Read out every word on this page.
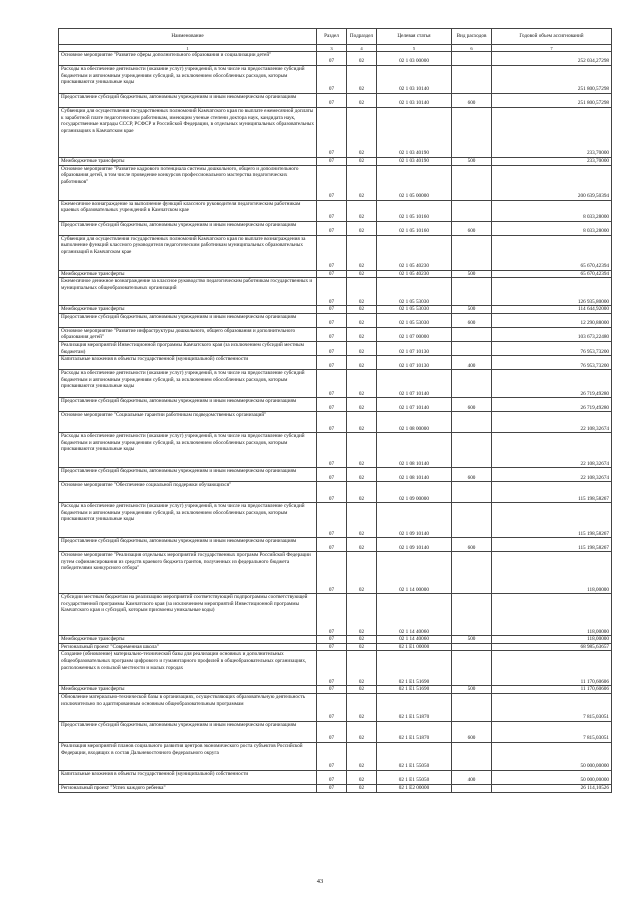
Наименование	Раздел	Подраздел	Целевая статья	Вид расходов	Годовой объем ассигнований
1	3	4	5	6	7
Основное мероприятие "Развитие сферы дополнительного образования и социализации детей"	07	02	02 1 03 00000		252 034,27298
Расходы на обеспечение деятельности (оказание услуг) учреждений, в том числе на предоставление субсидий бюджетным и автономным учреждениям субсидий, за исключением обособленных расходов, которым присваиваются уникальные коды	07	02	02 1 03 10140		251 800,57298
Предоставление субсидий бюджетным, автономным учреждениям и иным некоммерческим организациям	07	02	02 1 03 10140	600	251 800,57298
Субвенции для осуществления государственных полномочий Камчатского края по выплате ежемесячной доплаты к заработной плате педагогическим работникам, имеющим ученые степени доктора наук, кандидата наук, государственные награды СССР, РСФСР и Российской Федерации, в отдельных муниципальных образовательных организациях в Камчатском крае	07	02	02 1 03 40190		233,70000
Межбюджетные трансферты	07	02	02 1 03 40190	500	233,70000
Основное мероприятие "Развитие кадрового потенциала системы дошкольного, общего и дополнительного образования детей, в том числе проведение конкурсов профессионального мастерства педагогических работников"	07	02	02 1 05 00000		200 639,50394
Ежемесячное вознаграждение за выполнение функций классного руководителя педагогическим работникам краевых образовательных учреждений в Камчатском крае	07	02	02 1 05 10160		8 033,28000
Предоставление субсидий бюджетным, автономным учреждениям и иным некоммерческим организациям	07	02	02 1 05 10160	600	8 033,28000
Субвенции для осуществления государственных полномочий Камчатского края по выплате вознаграждения за выполнение функций классного руководителя педагогическим работникам муниципальных образовательных организаций в Камчатском крае	07	02	02 1 05 40230		65 670,42394
Межбюджетные трансферты	07	02	02 1 05 40230	500	65 670,42394
Ежемесячное денежное вознаграждение за классное руководство педагогическим работникам государственных и муниципальных общеобразовательных организаций	07	02	02 1 05 53030		126 935,80000
Межбюджетные трансферты	07	02	02 1 05 53030	500	114 644,92000
Предоставление субсидий бюджетным, автономным учреждениям и иным некоммерческим организациям	07	02	02 1 05 53030	600	12 290,88000
Основное мероприятие "Развитие инфраструктуры дошкольного, общего образования и дополнительного образования детей"	07	02	02 1 07 00000		103 673,22480
Реализация мероприятий Инвестиционной программы Камчатского края (за исключением субсидий местным бюджетам)	07	02	02 1 07 10130		76 953,73200
Капитальные вложения в объекты государственной (муниципальной) собственности	07	02	02 1 07 10130	400	76 953,73200
Расходы на обеспечение деятельности (оказание услуг) учреждений, в том числе на предоставление субсидий бюджетным и автономным учреждениям субсидий, за исключением обособленных расходов, которым присваиваются уникальные коды	07	02	02 1 07 10140		26 719,49280
Предоставление субсидий бюджетным, автономным учреждениям и иным некоммерческим организациям	07	02	02 1 07 10140	600	26 719,49280
Основное мероприятие "Социальные гарантии работникам подведомственных организаций"	07	02	02 1 08 00000		22 108,32674
Расходы на обеспечение деятельности (оказание услуг) учреждений, в том числе на предоставление субсидий бюджетным и автономным учреждениям субсидий, за исключением обособленных расходов, которым присваиваются уникальные коды	07	02	02 1 08 10140		22 108,32674
Предоставление субсидий бюджетным, автономным учреждениям и иным некоммерческим организациям	07	02	02 1 08 10140	600	22 108,32674
Основное мероприятие "Обеспечение социальной поддержки обучающихся"	07	02	02 1 09 00000		115 198,58267
Расходы на обеспечение деятельности (оказание услуг) учреждений, в том числе на предоставление субсидий бюджетным и автономным учреждениям субсидий, за исключением обособленных расходов, которым присваиваются уникальные коды	07	02	02 1 09 10140		115 198,58267
Предоставление субсидий бюджетным, автономным учреждениям и иным некоммерческим организациям	07	02	02 1 09 10140	600	115 198,58267
Основное мероприятие "Реализация отдельных мероприятий государственных программ Российской Федерации путем софинансирования из средств краевого бюджета грантов, полученных из федерального бюджета победителями конкурсного отбора"	07	02	02 1 14 00000		118,00000
Субсидии местным бюджетам на реализацию мероприятий соответствующей подпрограммы соответствующей государственной программы Камчатского края (за исключением мероприятий Инвестиционной программы Камчатского края и субсидий, которым присвоены уникальные коды)	07	02	02 1 14 40060		118,00000
Межбюджетные трансферты	07	02	02 1 14 40060	500	118,00000
Региональный проект "Современная школа"	07	02	02 1 E1 00000		68 985,63657
Создание (обновление) материально-технической базы для реализации основных и дополнительных общеобразовательных программ цифрового и гуманитарного профилей в общеобразовательных организациях, расположенных в сельской местности и малых городах	07	02	02 1 E1 51690		11 170,60606
Межбюджетные трансферты	07	02	02 1 E1 51690	500	11 170,60606
Обновление материально-технической базы в организациях, осуществляющих образовательную деятельность исключительно по адаптированным основным общеобразовательным программам	07	02	02 1 E1 51870		7 815,03051
Предоставление субсидий бюджетным, автономным учреждениям и иным некоммерческим организациям	07	02	02 1 E1 51870	600	7 815,03051
Реализация мероприятий планов социального развития центров экономического роста субъектов Российской Федерации, входящих в состав Дальневосточного федерального округа	07	02	02 1 E1 55050		50 000,00000
Капитальные вложения в объекты государственной (муниципальной) собственности	07	02	02 1 E1 55050	400	50 000,00000
Региональный проект "Успех каждого ребенка"	07	02	02 1 E2 00000		26 114,10526
43
